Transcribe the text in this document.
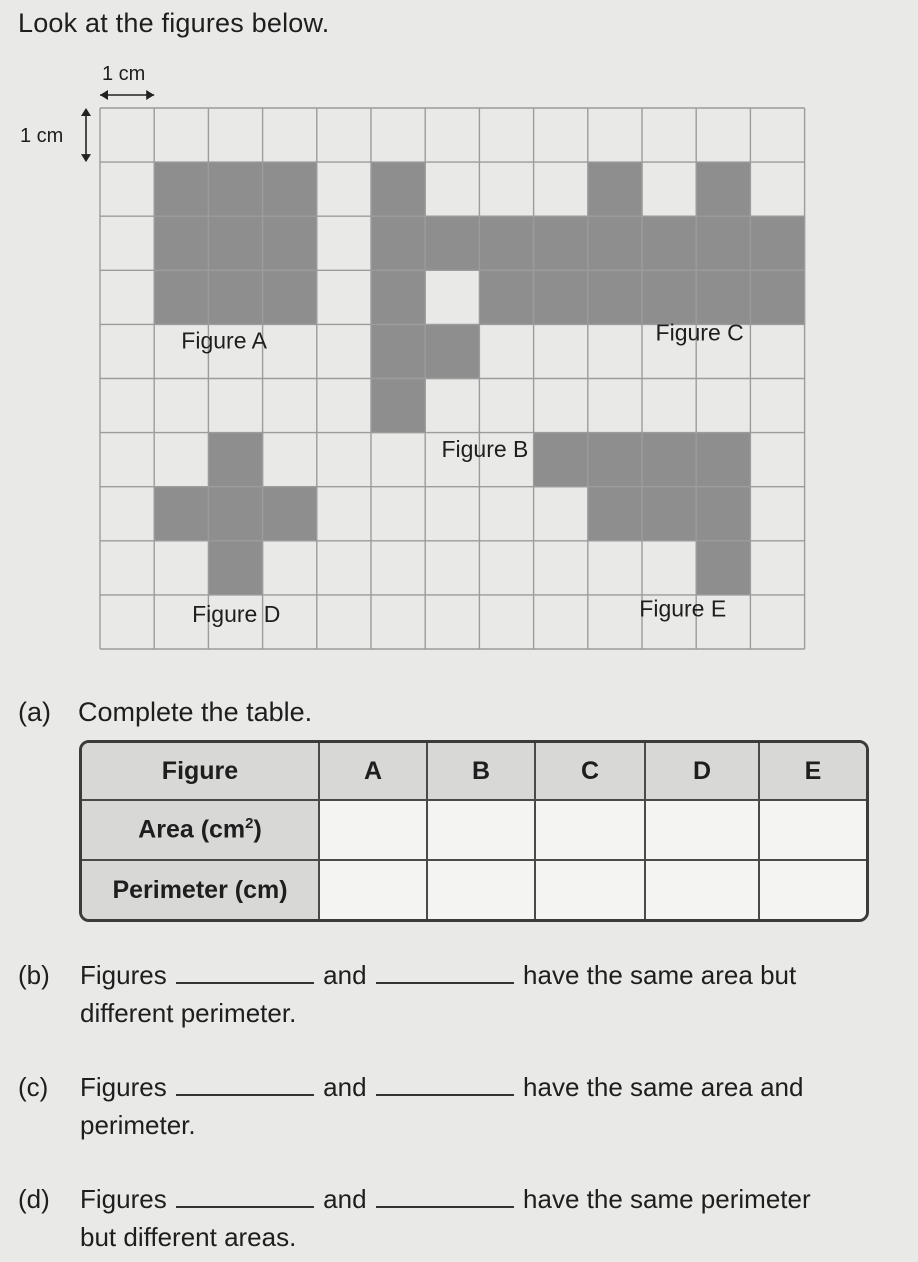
Look at the figures below.
Figure A
Figure B
Figure C
Figure D	Figure E
1 cm
1 cm
(a) Complete the table.
Figure	A	B	C	D	E
Area $(cm^2)$					
Perimeter (cm)					
(b) Figures	and	have the same area but
different perimeter.
(c) Figures	and	have the same area and
perimeter.
(d) Figures	and	have the same perimeter
but different areas.
